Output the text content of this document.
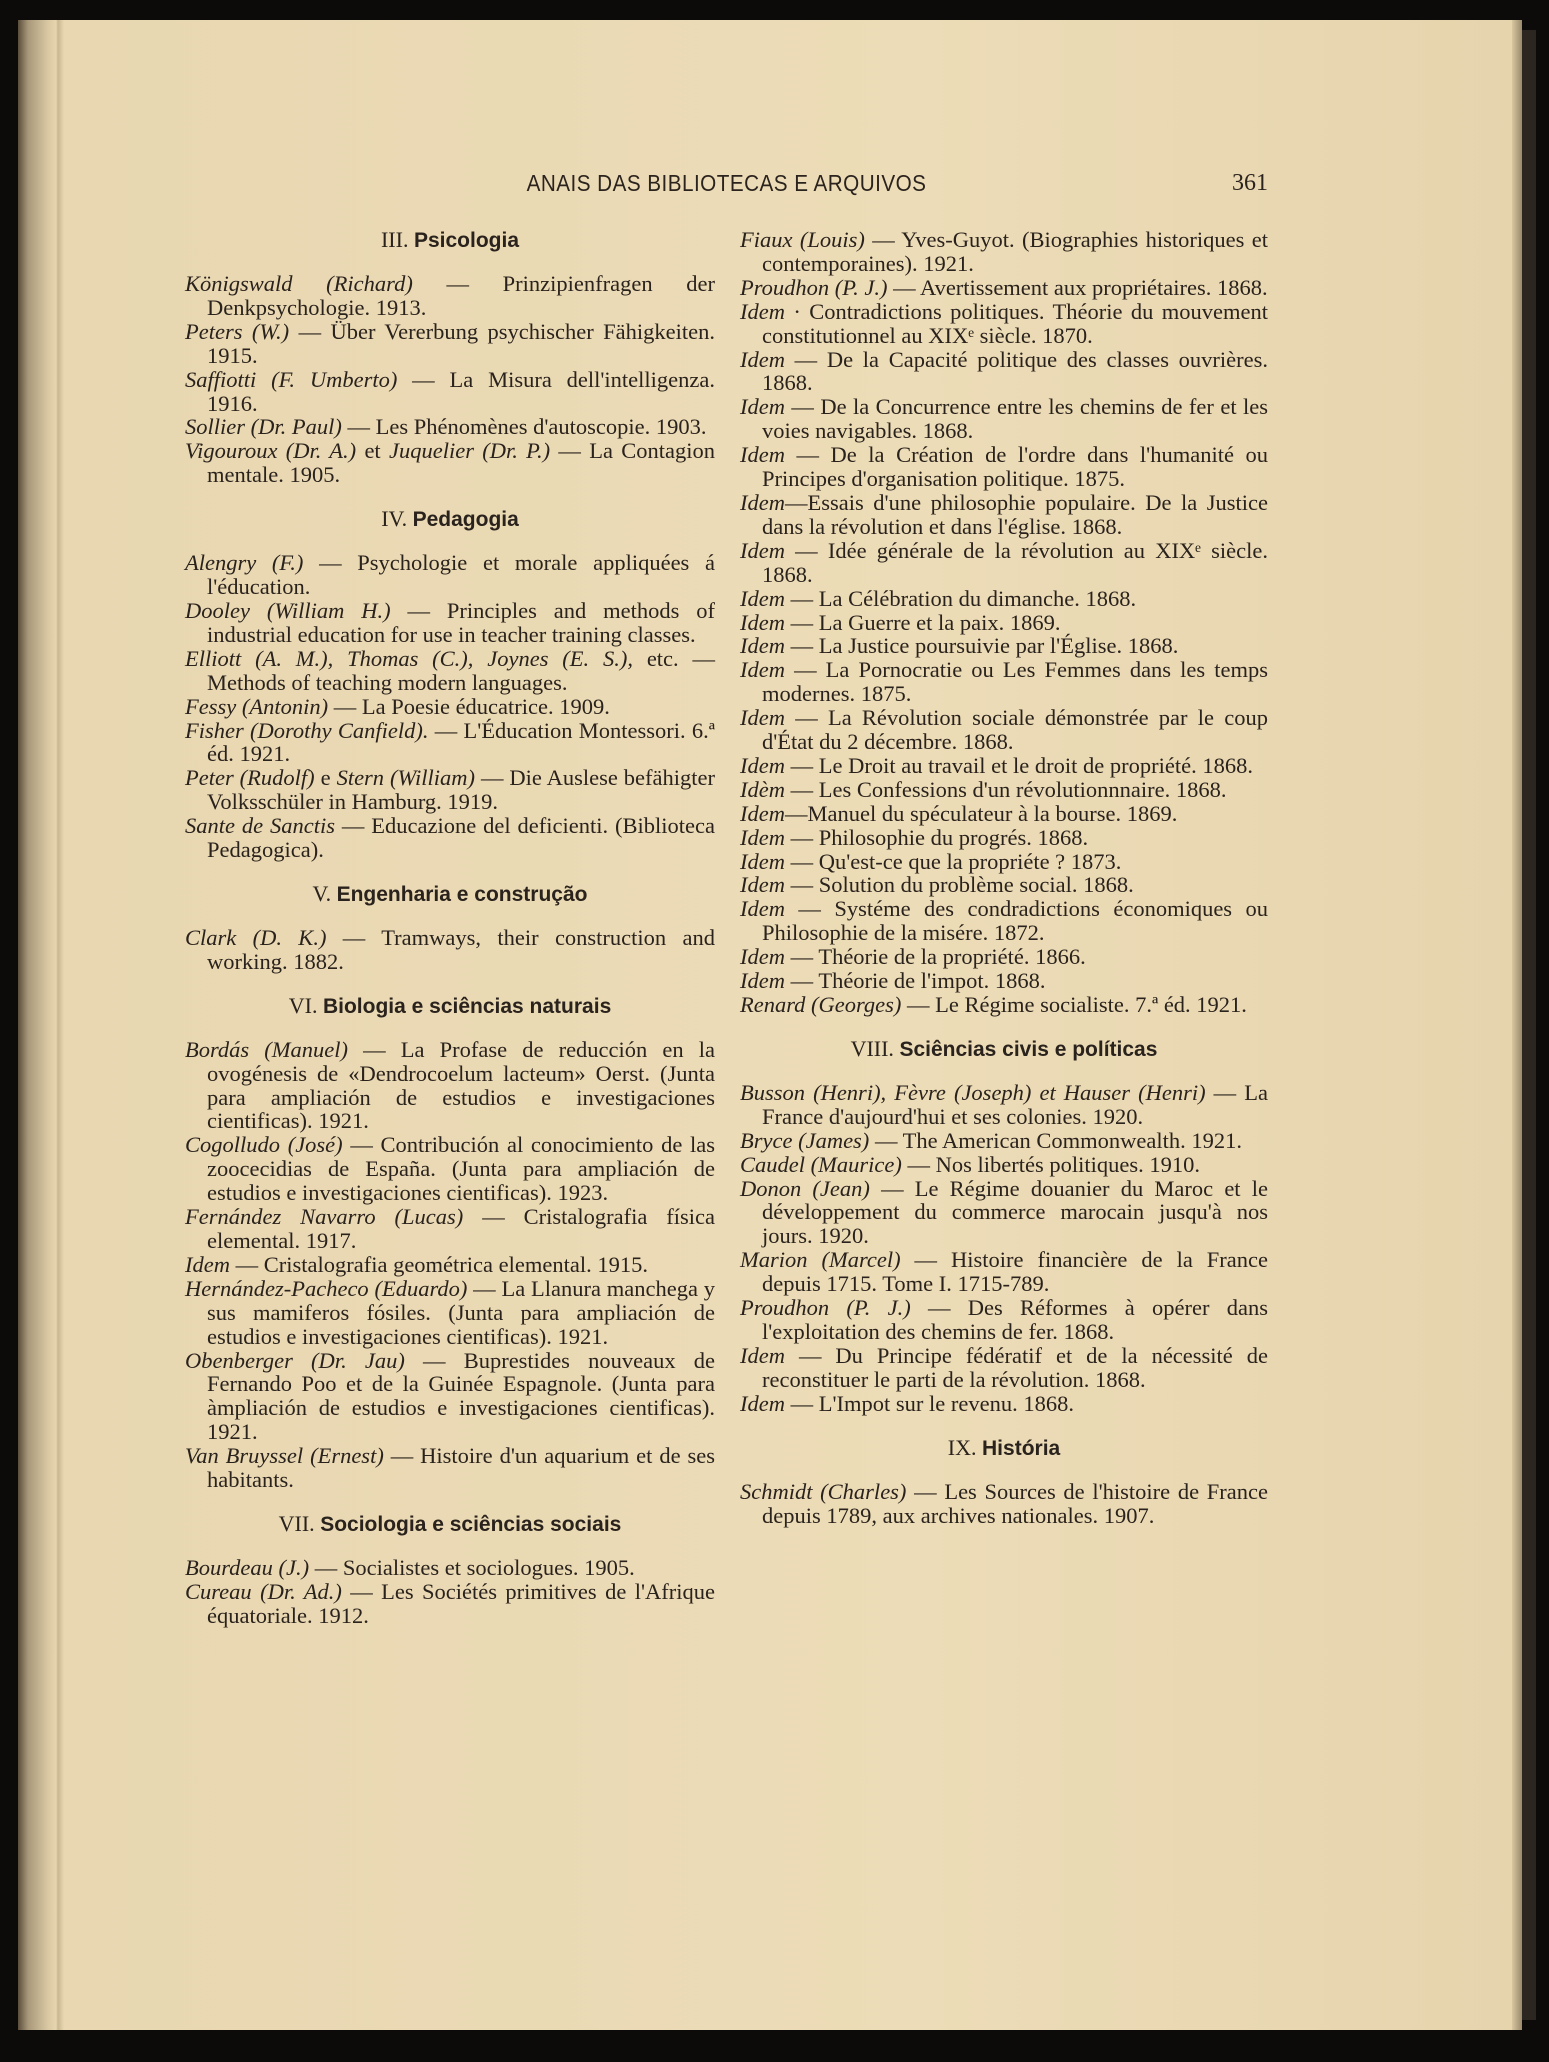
ANAIS DAS BIBLIOTECAS E ARQUIVOS	361
III. Psicologia
Königswald (Richard) — Prinzipienfragen der Denkpsychologie. 1913.
Peters (W.) — Über Vererbung psychischer Fähigkeiten. 1915.
Saffiotti (F. Umberto) — La Misura dell'intelligenza. 1916.
Sollier (Dr. Paul) — Les Phénomènes d'autoscopie. 1903.
Vigouroux (Dr. A.) et Juquelier (Dr. P.) — La Contagion mentale. 1905.
IV. Pedagogia
Alengry (F.) — Psychologie et morale appliquées á l'éducation.
Dooley (William H.) — Principles and methods of industrial education for use in teacher training classes.
Elliott (A. M.), Thomas (C.), Joynes (E. S.), etc. — Methods of teaching modern languages.
Fessy (Antonin) — La Poesie éducatrice. 1909.
Fisher (Dorothy Canfield). — L'Éducation Montessori. 6.ª éd. 1921.
Peter (Rudolf) e Stern (William) — Die Auslese befähigter Volksschüler in Hamburg. 1919.
Sante de Sanctis — Educazione del deficienti. (Biblioteca Pedagogica).
V. Engenharia e construção
Clark (D. K.) — Tramways, their construction and working. 1882.
VI. Biologia e sciências naturais
Bordás (Manuel) — La Profase de reducción en la ovogénesis de «Dendrocoelum lacteum» Oerst. (Junta para ampliación de estudios e investigaciones cientificas). 1921.
Cogolludo (José) — Contribución al conocimiento de las zoocecidias de España. (Junta para ampliación de estudios e investigaciones cientificas). 1923.
Fernández Navarro (Lucas) — Cristalografia física elemental. 1917.
Idem — Cristalografia geométrica elemental. 1915.
Hernández-Pacheco (Eduardo) — La Llanura manchega y sus mamiferos fósiles. (Junta para ampliación de estudios e investigaciones cientificas). 1921.
Obenberger (Dr. Jau) — Buprestides nouveaux de Fernando Poo et de la Guinée Espagnole. (Junta para àmpliación de estudios e investigaciones cientificas). 1921.
Van Bruyssel (Ernest) — Histoire d'un aquarium et de ses habitants.
VII. Sociologia e sciências sociais
Bourdeau (J.) — Socialistes et sociologues. 1905.
Cureau (Dr. Ad.) — Les Sociétés primitives de l'Afrique équatoriale. 1912.
Fiaux (Louis) — Yves-Guyot. (Biographies historiques et contemporaines). 1921.
Proudhon (P. J.) — Avertissement aux propriétaires. 1868.
Idem · Contradictions politiques. Théorie du mouvement constitutionnel au XIXᵉ siècle. 1870.
Idem — De la Capacité politique des classes ouvrières. 1868.
Idem — De la Concurrence entre les chemins de fer et les voies navigables. 1868.
Idem — De la Création de l'ordre dans l'humanité ou Principes d'organisation politique. 1875.
Idem—Essais d'une philosophie populaire. De la Justice dans la révolution et dans l'église. 1868.
Idem — Idée générale de la révolution au XIXᵉ siècle. 1868.
Idem — La Célébration du dimanche. 1868.
Idem — La Guerre et la paix. 1869.
Idem — La Justice poursuivie par l'Église. 1868.
Idem — La Pornocratie ou Les Femmes dans les temps modernes. 1875.
Idem — La Révolution sociale démonstrée par le coup d'État du 2 décembre. 1868.
Idem — Le Droit au travail et le droit de propriété. 1868.
Idèm — Les Confessions d'un révolutionnnaire. 1868.
Idem—Manuel du spéculateur à la bourse. 1869.
Idem — Philosophie du progrés. 1868.
Idem — Qu'est-ce que la propriéte ? 1873.
Idem — Solution du problème social. 1868.
Idem — Systéme des condradictions économiques ou Philosophie de la misére. 1872.
Idem — Théorie de la propriété. 1866.
Idem — Théorie de l'impot. 1868.
Renard (Georges) — Le Régime socialiste. 7.ª éd. 1921.
VIII. Sciências civis e políticas
Busson (Henri), Fèvre (Joseph) et Hauser (Henri) — La France d'aujourd'hui et ses colonies. 1920.
Bryce (James) — The American Commonwealth. 1921.
Caudel (Maurice) — Nos libertés politiques. 1910.
Donon (Jean) — Le Régime douanier du Maroc et le développement du commerce marocain jusqu'à nos jours. 1920.
Marion (Marcel) — Histoire financière de la France depuis 1715. Tome I. 1715-789.
Proudhon (P. J.) — Des Réformes à opérer dans l'exploitation des chemins de fer. 1868.
Idem — Du Principe fédératif et de la nécessité de reconstituer le parti de la révolution. 1868.
Idem — L'Impot sur le revenu. 1868.
IX. História
Schmidt (Charles) — Les Sources de l'histoire de France depuis 1789, aux archives nationales. 1907.
